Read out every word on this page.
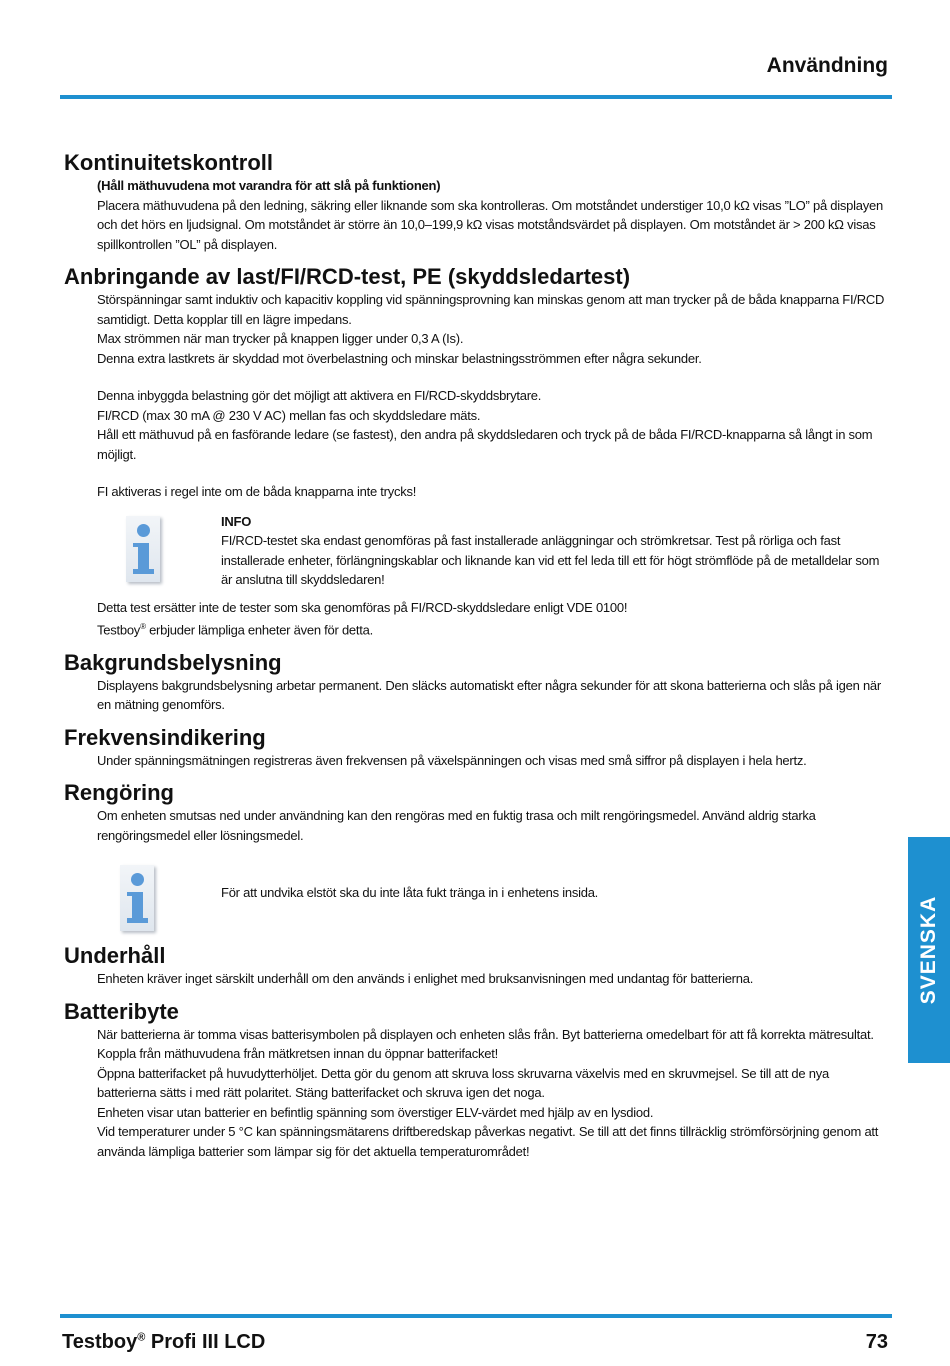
Användning
Kontinuitetskontroll

(Håll mäthuvudena mot varandra för att slå på funktionen)

Placera mäthuvudena på den ledning, säkring eller liknande som ska kontrolleras. Om motståndet understiger 10,0 kΩ visas ”LO” på displayen och det hörs en ljudsignal. Om motståndet är större än 10,0–199,9 kΩ visas motståndsvärdet på displayen. Om motståndet är > 200 kΩ visas spillkontrollen ”OL” på displayen.

Anbringande av last/FI/RCD-test, PE (skyddsledartest)

Störspänningar samt induktiv och kapacitiv koppling vid spänningsprovning kan minskas genom att man trycker på de båda knapparna FI/RCD samtidigt. Detta kopplar till en lägre impedans.

Max strömmen när man trycker på knappen ligger under 0,3 A (Is).

Denna extra lastkrets är skyddad mot överbelastning och minskar belastningsströmmen efter några sekunder.

Denna inbyggda belastning gör det möjligt att aktivera en FI/RCD-skyddsbrytare.

FI/RCD (max 30 mA @ 230 V AC) mellan fas och skyddsledare mäts.

Håll ett mäthuvud på en fasförande ledare (se fastest), den andra på skyddsledaren och tryck på de båda FI/RCD-knapparna så långt in som möjligt.

FI aktiveras i regel inte om de båda knapparna inte trycks!

INFO

FI/RCD-testet ska endast genomföras på fast installerade anläggningar och strömkretsar. Test på rörliga och fast installerade enheter, förlängningskablar och liknande kan vid ett fel leda till ett för högt strömflöde på de metalldelar som är anslutna till skyddsledaren!

Detta test ersätter inte de tester som ska genomföras på FI/RCD-skyddsledare enligt VDE 0100!

Testboy® erbjuder lämpliga enheter även för detta.

Bakgrundsbelysning

Displayens bakgrundsbelysning arbetar permanent. Den släcks automatiskt efter några sekunder för att skona batterierna och slås på igen när en mätning genomförs.

Frekvensindikering

Under spänningsmätningen registreras även frekvensen på växelspänningen och visas med små siffror på displayen i hela hertz.

Rengöring

Om enheten smutsas ned under användning kan den rengöras med en fuktig trasa och milt rengöringsmedel. Använd aldrig starka rengöringsmedel eller lösningsmedel.

För att undvika elstöt ska du inte låta fukt tränga in i enhetens insida.

Underhåll

Enheten kräver inget särskilt underhåll om den används i enlighet med bruksanvisningen med undantag för batterierna.

Batteribyte

När batterierna är tomma visas batterisymbolen på displayen och enheten slås från. Byt batterierna omedelbart för att få korrekta mätresultat.

Koppla från mäthuvudena från mätkretsen innan du öppnar batterifacket!

Öppna batterifacket på huvudytterhöljet. Detta gör du genom att skruva loss skruvarna växelvis med en skruvmejsel. Se till att de nya batterierna sätts i med rätt polaritet. Stäng batterifacket och skruva igen det noga.

Enheten visar utan batterier en befintlig spänning som överstiger ELV-värdet med hjälp av en lysdiod.

Vid temperaturer under 5 °C kan spänningsmätarens driftberedskap påverkas negativt. Se till att det finns tillräcklig strömförsörjning genom att använda lämpliga batterier som lämpar sig för det aktuella temperaturområdet!

SVENSKA
Testboy® Profi III LCD	73
